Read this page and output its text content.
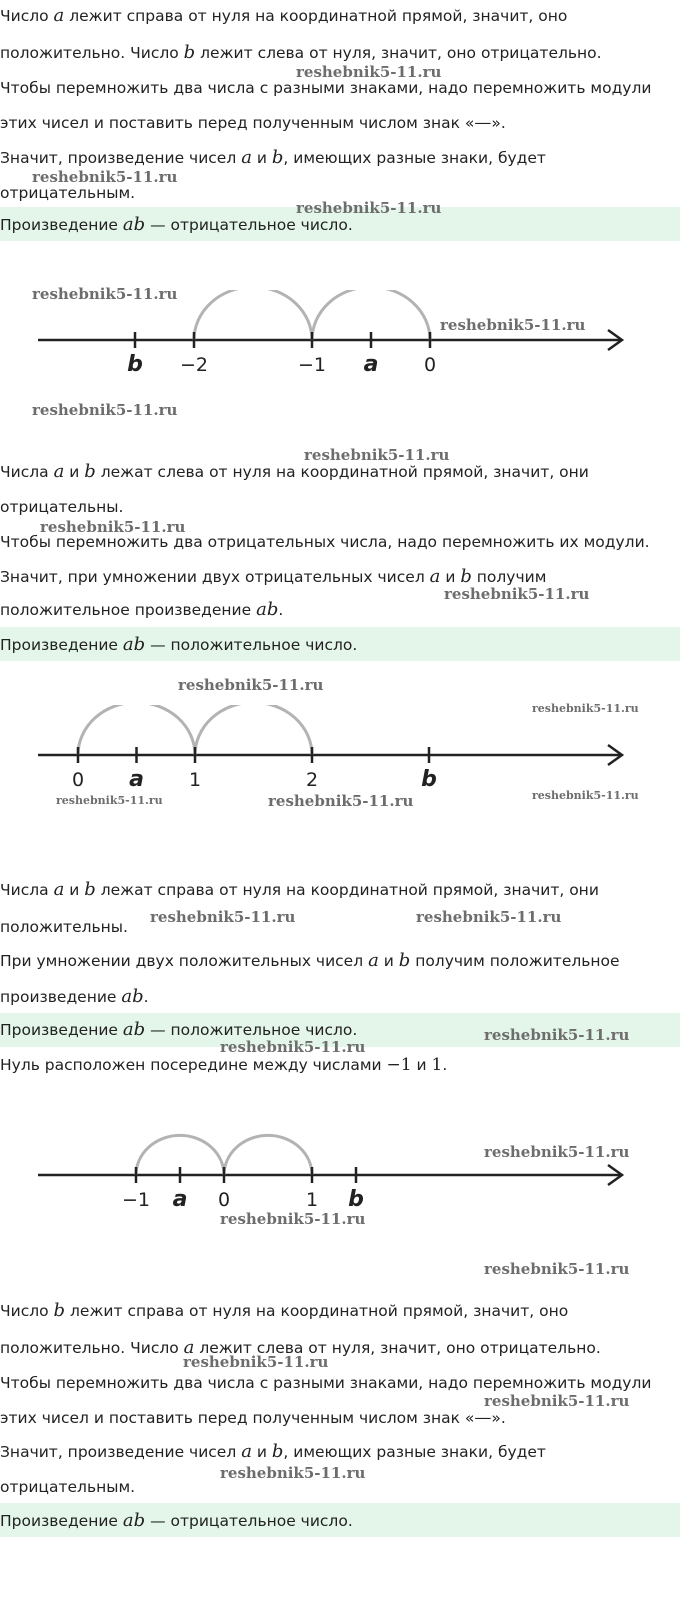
Число a лежит справа от нуля на координатной прямой, значит, оно
положительно. Число b лежит слева от нуля, значит, оно отрицательно.
Чтобы перемножить два числа с разными знаками, надо перемножить модули
этих чисел и поставить перед полученным числом знак «—».
Значит, произведение чисел a и b, имеющих разные знаки, будет
отрицательным.
Произведение ab — отрицательное число.
b −2	−1 a 0
Числа a и b лежат слева от нуля на координатной прямой, значит, они
отрицательны.
Чтобы перемножить два отрицательных числа, надо перемножить их модули.
Значит, при умножении двух отрицательных чисел a и b получим
положительное произведение ab.
Произведение ab — положительное число.
0 a 1	2	b
Числа a и b лежат справа от нуля на координатной прямой, значит, они
положительны.
При умножении двух положительных чисел a и b получим положительное
произведение ab.
Произведение ab — положительное число.
Нуль расположен посередине между числами −1 и 1.
−1 a 0	1 b
Число b лежит справа от нуля на координатной прямой, значит, оно
положительно. Число a лежит слева от нуля, значит, оно отрицательно.
Чтобы перемножить два числа с разными знаками, надо перемножить модули
этих чисел и поставить перед полученным числом знак «—».
Значит, произведение чисел a и b, имеющих разные знаки, будет
отрицательным.
Произведение ab — отрицательное число.
reshebnik5-11.ru
reshebnik5-11.ru
reshebnik5-11.ru
reshebnik5-11.ru
reshebnik5-11.ru
reshebnik5-11.ru
reshebnik5-11.ru
reshebnik5-11.ru
reshebnik5-11.ru
reshebnik5-11.ru
reshebnik5-11.ru
reshebnik5-11.ru	reshebnik5-11.ru	reshebnik5-11.ru
reshebnik5-11.ru	reshebnik5-11.ru
reshebnik5-11.ru
reshebnik5-11.ru
reshebnik5-11.ru
reshebnik5-11.ru
reshebnik5-11.ru
reshebnik5-11.ru
reshebnik5-11.ru
reshebnik5-11.ru
